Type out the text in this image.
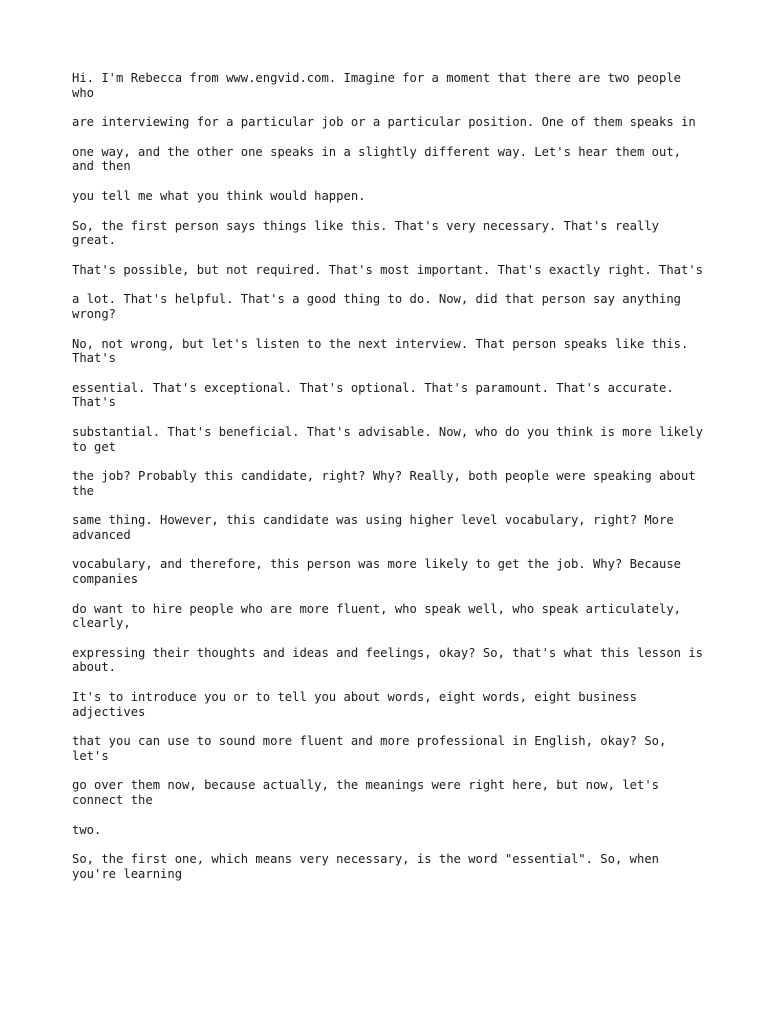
Hi. I'm Rebecca from www.engvid.com. Imagine for a moment that there are two people who

are interviewing for a particular job or a particular position. One of them speaks in

one way, and the other one speaks in a slightly different way. Let's hear them out, and then

you tell me what you think would happen.

So, the first person says things like this. That's very necessary. That's really great.

That's possible, but not required. That's most important. That's exactly right. That's

a lot. That's helpful. That's a good thing to do. Now, did that person say anything wrong?

No, not wrong, but let's listen to the next interview. That person speaks like this. That's

essential. That's exceptional. That's optional. That's paramount. That's accurate. That's

substantial. That's beneficial. That's advisable. Now, who do you think is more likely to get

the job? Probably this candidate, right? Why? Really, both people were speaking about the

same thing. However, this candidate was using higher level vocabulary, right? More advanced

vocabulary, and therefore, this person was more likely to get the job. Why? Because companies

do want to hire people who are more fluent, who speak well, who speak articulately, clearly,

expressing their thoughts and ideas and feelings, okay? So, that's what this lesson is about.

It's to introduce you or to tell you about words, eight words, eight business adjectives

that you can use to sound more fluent and more professional in English, okay? So, let's

go over them now, because actually, the meanings were right here, but now, let's connect the

two.

So, the first one, which means very necessary, is the word "essential". So, when you're learning
